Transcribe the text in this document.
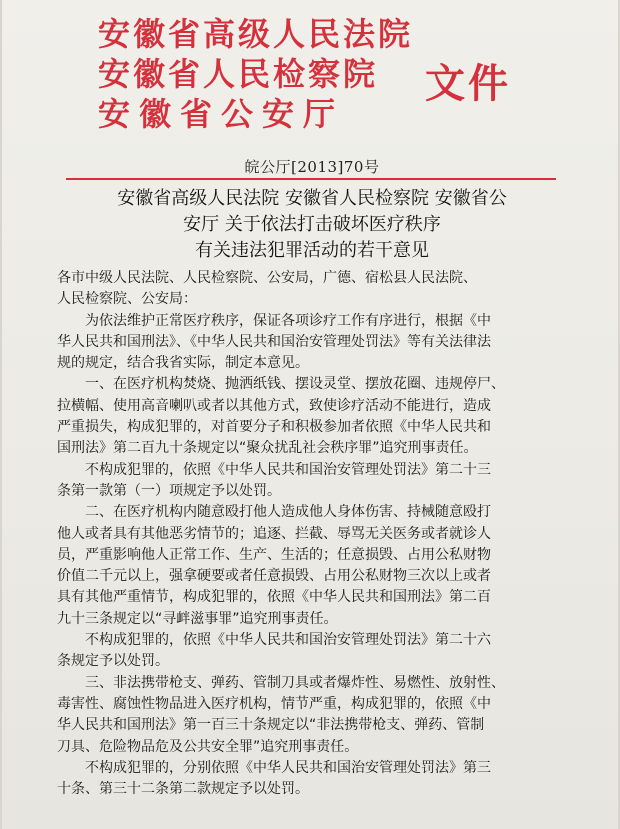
安徽省高级人民法院
安徽省人民检察院
安徽省公安厅
文件
皖公厅[2013]70号
安徽省高级人民法院 安徽省人民检察院 安徽省公
安厅 关于依法打击破坏医疗秩序
有关违法犯罪活动的若干意见
各市中级人民法院、人民检察院、公安局，广德、宿松县人民法院、
人民检察院、公安局：
为依法维护正常医疗秩序，保证各项诊疗工作有序进行，根据《中
华人民共和国刑法》、《中华人民共和国治安管理处罚法》等有关法律法
规的规定，结合我省实际，制定本意见。
一、在医疗机构焚烧、抛洒纸钱、摆设灵堂、摆放花圈、违规停尸、
拉横幅、使用高音喇叭或者以其他方式，致使诊疗活动不能进行，造成
严重损失，构成犯罪的，对首要分子和积极参加者依照《中华人民共和
国刑法》第二百九十条规定以“聚众扰乱社会秩序罪”追究刑事责任。
不构成犯罪的，依照《中华人民共和国治安管理处罚法》第二十三
条第一款第（一）项规定予以处罚。
二、在医疗机构内随意殴打他人造成他人身体伤害、持械随意殴打
他人或者具有其他恶劣情节的；追逐、拦截、辱骂无关医务或者就诊人
员，严重影响他人正常工作、生产、生活的；任意损毁、占用公私财物
价值二千元以上，强拿硬要或者任意损毁、占用公私财物三次以上或者
具有其他严重情节，构成犯罪的，依照《中华人民共和国刑法》第二百
九十三条规定以“寻衅滋事罪”追究刑事责任。
不构成犯罪的，依照《中华人民共和国治安管理处罚法》第二十六
条规定予以处罚。
三、非法携带枪支、弹药、管制刀具或者爆炸性、易燃性、放射性、
毒害性、腐蚀性物品进入医疗机构，情节严重，构成犯罪的，依照《中
华人民共和国刑法》第一百三十条规定以“非法携带枪支、弹药、管制
刀具、危险物品危及公共安全罪”追究刑事责任。
不构成犯罪的，分别依照《中华人民共和国治安管理处罚法》第三
十条、第三十二条第二款规定予以处罚。
